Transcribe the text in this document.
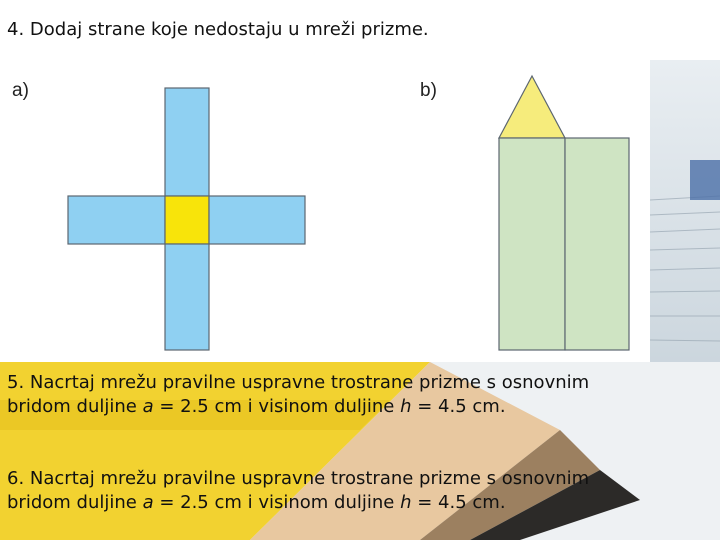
4. Dodaj strane koje nedostaju u mreži prizme.

a)	b)

5. Nacrtaj mrežu pravilne uspravne trostrane prizme s osnovnim
bridom duljine a = 2.5 cm i visinom duljine h = 4.5 cm.

6. Nacrtaj mrežu pravilne uspravne trostrane prizme s osnovnim
bridom duljine a = 2.5 cm i visinom duljine h = 4.5 cm.
